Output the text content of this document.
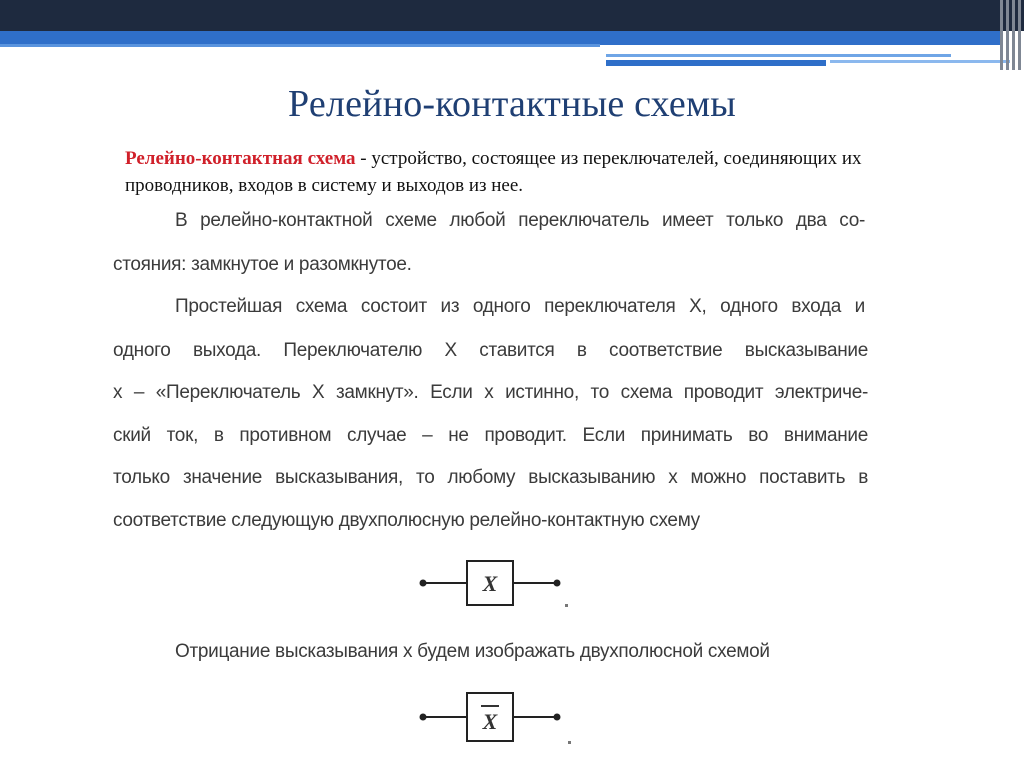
Релейно-контактные схемы
Релейно-контактная схема - устройство, состоящее из переключателей, соединяющих их проводников, входов в систему и выходов из нее.
В релейно-контактной схеме любой переключатель имеет только два со-
стояния: замкнутое и разомкнутое.
Простейшая схема состоит из одного переключателя X, одного входа и
одного выхода. Переключателю X ставится в соответствие высказывание
x – «Переключатель X замкнут». Если x истинно, то схема проводит электриче-
ский ток, в противном случае – не проводит. Если принимать во внимание
только значение высказывания, то любому высказыванию x можно поставить в
соответствие следующую двухполюсную релейно-контактную схему
X
Отрицание высказывания x будем изображать двухполюсной схемой
X
